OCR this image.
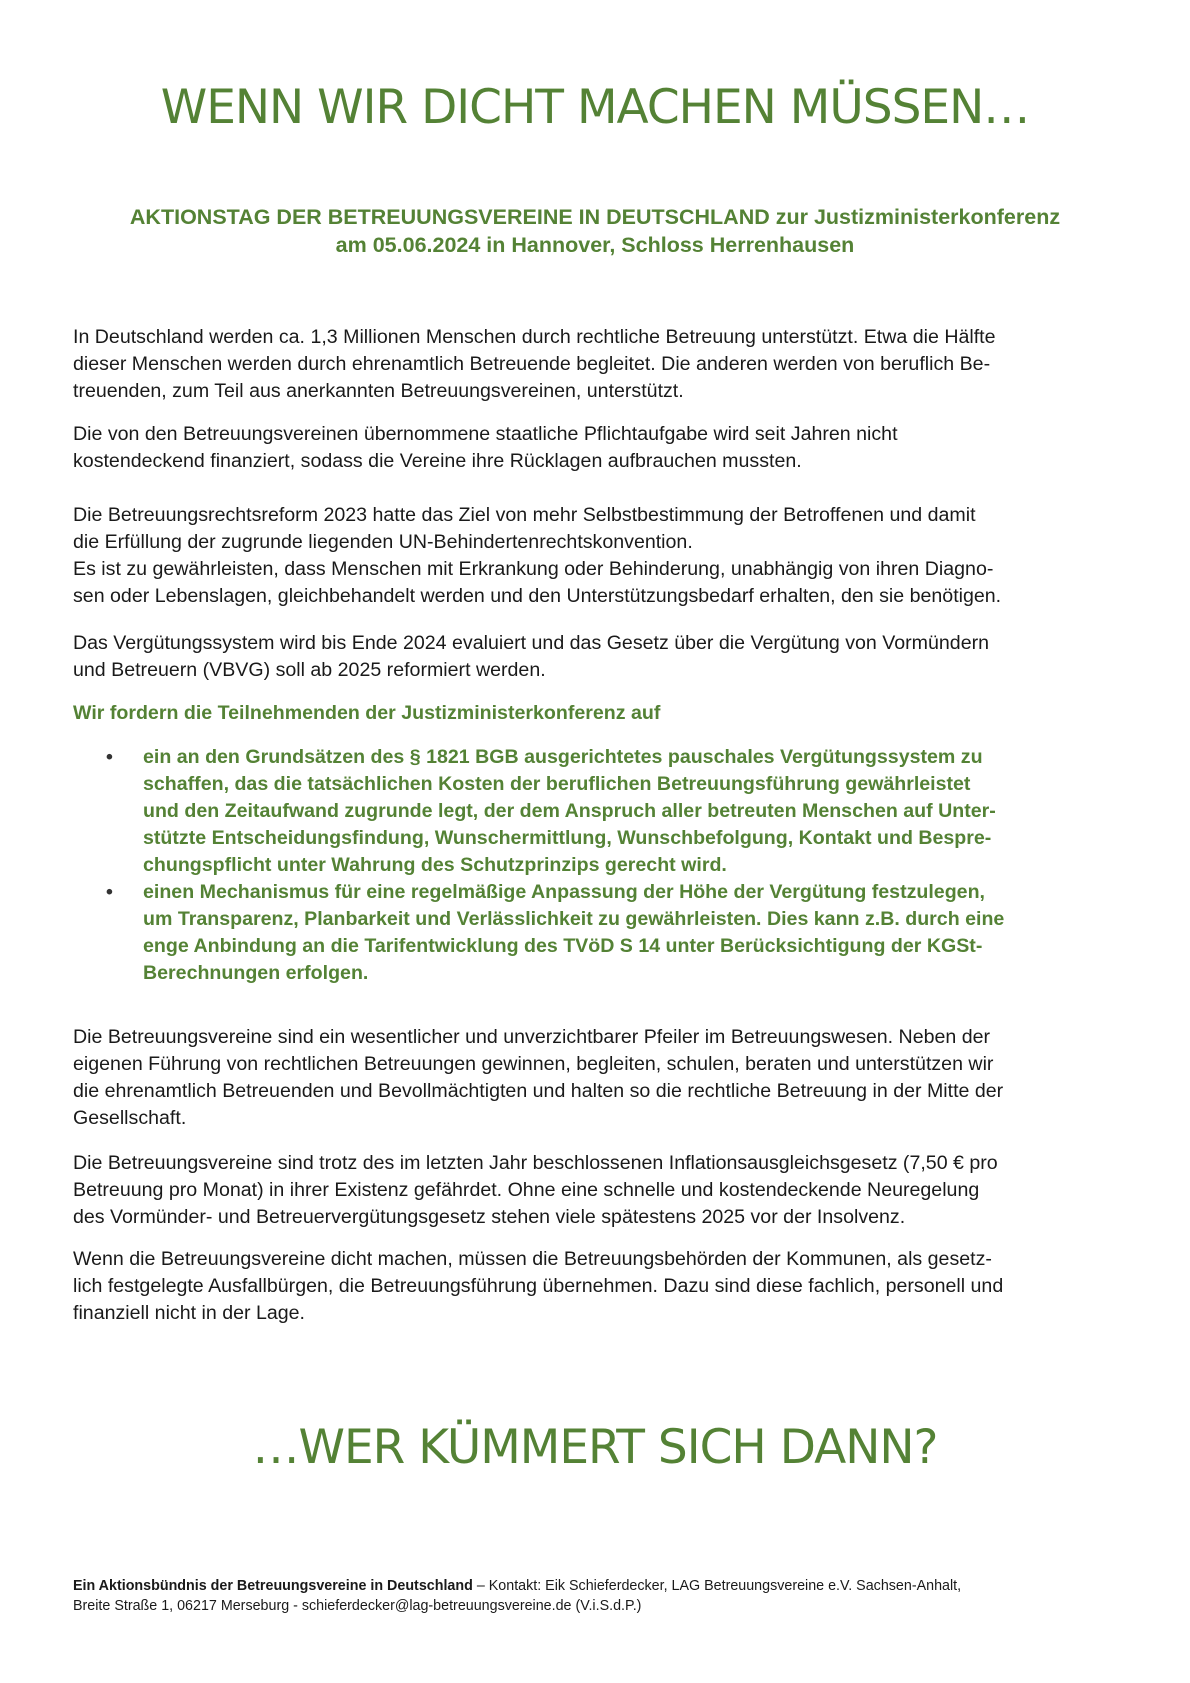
WENN WIR DICHT MACHEN MÜSSEN…

AKTIONSTAG DER BETREUUNGSVEREINE IN DEUTSCHLAND zur Justizministerkonferenz
am 05.06.2024 in Hannover, Schloss Herrenhausen

In Deutschland werden ca. 1,3 Millionen Menschen durch rechtliche Betreuung unterstützt. Etwa die Hälfte
dieser Menschen werden durch ehrenamtlich Betreuende begleitet. Die anderen werden von beruflich Be-
treuenden, zum Teil aus anerkannten Betreuungsvereinen, unterstützt.

Die von den Betreuungsvereinen übernommene staatliche Pflichtaufgabe wird seit Jahren nicht
kostendeckend finanziert, sodass die Vereine ihre Rücklagen aufbrauchen mussten.

Die Betreuungsrechtsreform 2023 hatte das Ziel von mehr Selbstbestimmung der Betroffenen und damit
die Erfüllung der zugrunde liegenden UN-Behindertenrechtskonvention.
Es ist zu gewährleisten, dass Menschen mit Erkrankung oder Behinderung, unabhängig von ihren Diagno-
sen oder Lebenslagen, gleichbehandelt werden und den Unterstützungsbedarf erhalten, den sie benötigen.

Das Vergütungssystem wird bis Ende 2024 evaluiert und das Gesetz über die Vergütung von Vormündern
und Betreuern (VBVG) soll ab 2025 reformiert werden.

Wir fordern die Teilnehmenden der Justizministerkonferenz auf

• ein an den Grundsätzen des § 1821 BGB ausgerichtetes pauschales Vergütungssystem zu
schaffen, das die tatsächlichen Kosten der beruflichen Betreuungsführung gewährleistet
und den Zeitaufwand zugrunde legt, der dem Anspruch aller betreuten Menschen auf Unter-
stützte Entscheidungsfindung, Wunschermittlung, Wunschbefolgung, Kontakt und Bespre-
chungspflicht unter Wahrung des Schutzprinzips gerecht wird.
• einen Mechanismus für eine regelmäßige Anpassung der Höhe der Vergütung festzulegen,
um Transparenz, Planbarkeit und Verlässlichkeit zu gewährleisten. Dies kann z.B. durch eine
enge Anbindung an die Tarifentwicklung des TVöD S 14 unter Berücksichtigung der KGSt-
Berechnungen erfolgen.

Die Betreuungsvereine sind ein wesentlicher und unverzichtbarer Pfeiler im Betreuungswesen. Neben der
eigenen Führung von rechtlichen Betreuungen gewinnen, begleiten, schulen, beraten und unterstützen wir
die ehrenamtlich Betreuenden und Bevollmächtigten und halten so die rechtliche Betreuung in der Mitte der
Gesellschaft.

Die Betreuungsvereine sind trotz des im letzten Jahr beschlossenen Inflationsausgleichsgesetz (7,50 € pro
Betreuung pro Monat) in ihrer Existenz gefährdet. Ohne eine schnelle und kostendeckende Neuregelung
des Vormünder- und Betreuervergütungsgesetz stehen viele spätestens 2025 vor der Insolvenz.

Wenn die Betreuungsvereine dicht machen, müssen die Betreuungsbehörden der Kommunen, als gesetz-
lich festgelegte Ausfallbürgen, die Betreuungsführung übernehmen. Dazu sind diese fachlich, personell und
finanziell nicht in der Lage.

…WER KÜMMERT SICH DANN?

Ein Aktionsbündnis der Betreuungsvereine in Deutschland – Kontakt: Eik Schieferdecker, LAG Betreuungsvereine e.V. Sachsen-Anhalt,
Breite Straße 1, 06217 Merseburg - schieferdecker@lag-betreuungsvereine.de (V.i.S.d.P.)
